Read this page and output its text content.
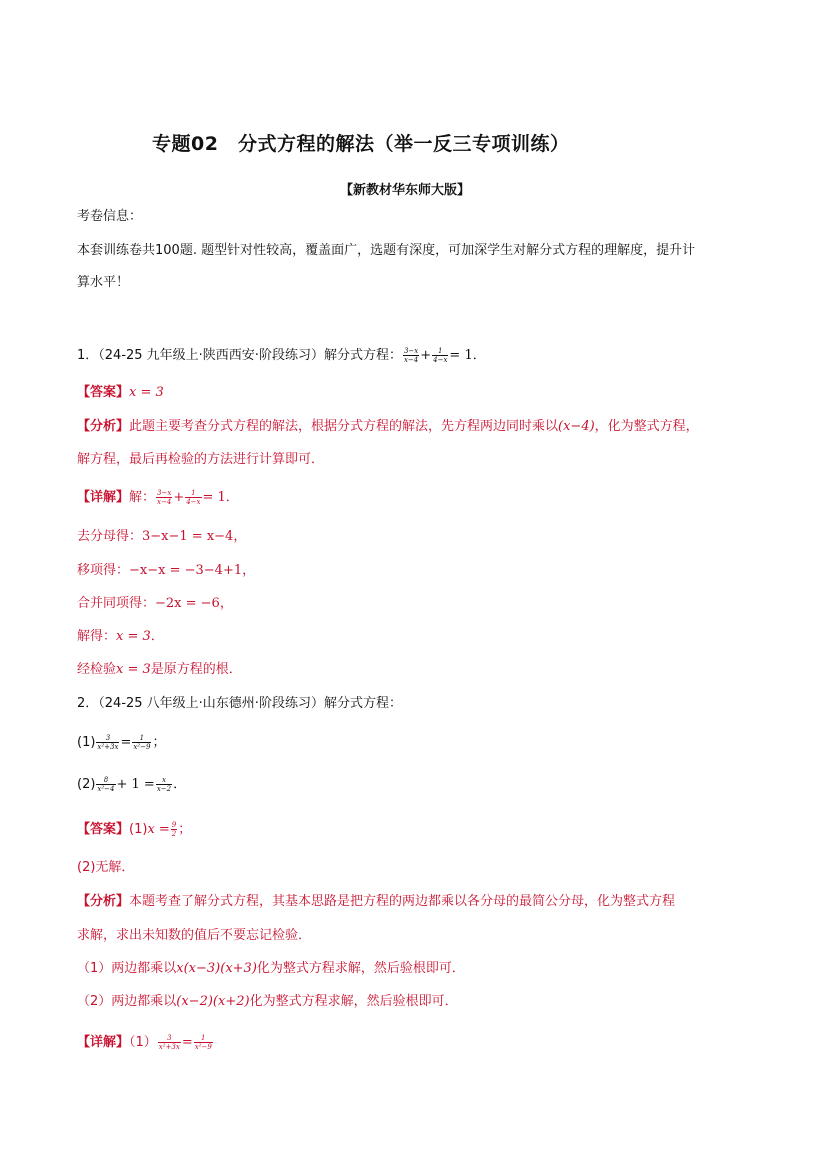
专题02　分式方程的解法（举一反三专项训练）
【新教材华东师大版】
考卷信息：
本套训练卷共100题. 题型针对性较高，覆盖面广，选题有深度，可加深学生对解分式方程的理解度，提升计
算水平！
1．（24-25 九年级上·陕西西安·阶段练习）解分式方程： $\frac{3-x}{x-4} + \frac{1}{4-x} = 1$．
【答案】x = 3
【分析】此题主要考查分式方程的解法，根据分式方程的解法，先方程两边同时乘以(x−4)，化为整式方程，
解方程，最后再检验的方法进行计算即可．
【详解】解： $\frac{3-x}{x-4} + \frac{1}{4-x} = 1$．
去分母得：3−x−1 = x−4，
移项得：−x−x = −3−4+1，
合并同项得：−2x = −6，
解得：x = 3．
经检验x = 3是原方程的根．
2．（24-25 八年级上·山东德州·阶段练习）解分式方程：
$(1) \frac{3}{\text{x²+3x}} = \frac{1}{\text{x²−9}}$ ；
$(2) \frac{8}{\text{x²−4}} + 1 = \frac{x}{x-2}$ ．
【答案】$(1)x = \frac{9}{2}$ ；
(2)无解．
【分析】本题考查了解分式方程，其基本思路是把方程的两边都乘以各分母的最简公分母，化为整式方程
求解，求出未知数的值后不要忘记检验．
（1）两边都乘以x(x−3)(x+3)化为整式方程求解，然后验根即可．
（2）两边都乘以(x−2)(x+2)化为整式方程求解，然后验根即可．
【详解】$(1) \frac{3}{\text{x²+3x}} = \frac{1}{\text{x²−9}}$
